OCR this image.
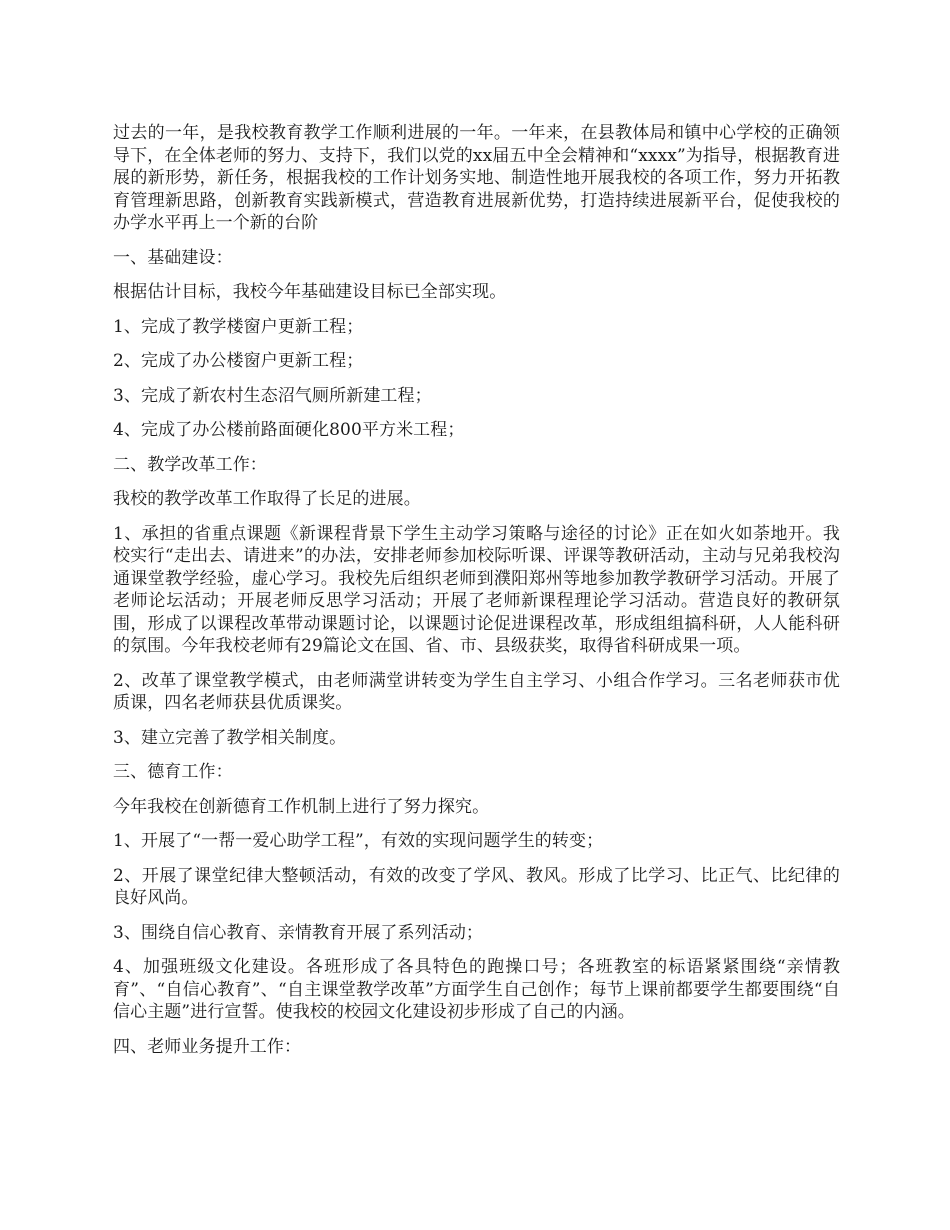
过去的一年，是我校教育教学工作顺利进展的一年。一年来，在县教体局和镇中心学校的正确领导下，在全体老师的努力、支持下，我们以党的xx届五中全会精神和“xxxx”为指导，根据教育进展的新形势，新任务，根据我校的工作计划务实地、制造性地开展我校的各项工作，努力开拓教育管理新思路，创新教育实践新模式，营造教育进展新优势，打造持续进展新平台，促使我校的办学水平再上一个新的台阶

一、基础建设：

根据估计目标，我校今年基础建设目标已全部实现。

1、完成了教学楼窗户更新工程；

2、完成了办公楼窗户更新工程；

3、完成了新农村生态沼气厕所新建工程；

4、完成了办公楼前路面硬化800平方米工程；

二、教学改革工作：

我校的教学改革工作取得了长足的进展。

1、承担的省重点课题《新课程背景下学生主动学习策略与途径的讨论》正在如火如荼地开。我校实行“走出去、请进来”的办法，安排老师参加校际听课、评课等教研活动，主动与兄弟我校沟通课堂教学经验，虚心学习。我校先后组织老师到濮阳郑州等地参加教学教研学习活动。开展了老师论坛活动；开展老师反思学习活动；开展了老师新课程理论学习活动。营造良好的教研氛围，形成了以课程改革带动课题讨论，以课题讨论促进课程改革，形成组组搞科研，人人能科研的氛围。今年我校老师有29篇论文在国、省、市、县级获奖，取得省科研成果一项。

2、改革了课堂教学模式，由老师满堂讲转变为学生自主学习、小组合作学习。三名老师获市优质课，四名老师获县优质课奖。

3、建立完善了教学相关制度。

三、德育工作：

今年我校在创新德育工作机制上进行了努力探究。

1、开展了“一帮一爱心助学工程”，有效的实现问题学生的转变；

2、开展了课堂纪律大整顿活动，有效的改变了学风、教风。形成了比学习、比正气、比纪律的良好风尚。

3、围绕自信心教育、亲情教育开展了系列活动；

4、加强班级文化建设。各班形成了各具特色的跑操口号；各班教室的标语紧紧围绕“亲情教育”、“自信心教育”、“自主课堂教学改革”方面学生自己创作；每节上课前都要学生都要围绕“自信心主题”进行宣誓。使我校的校园文化建设初步形成了自己的内涵。

四、老师业务提升工作：
